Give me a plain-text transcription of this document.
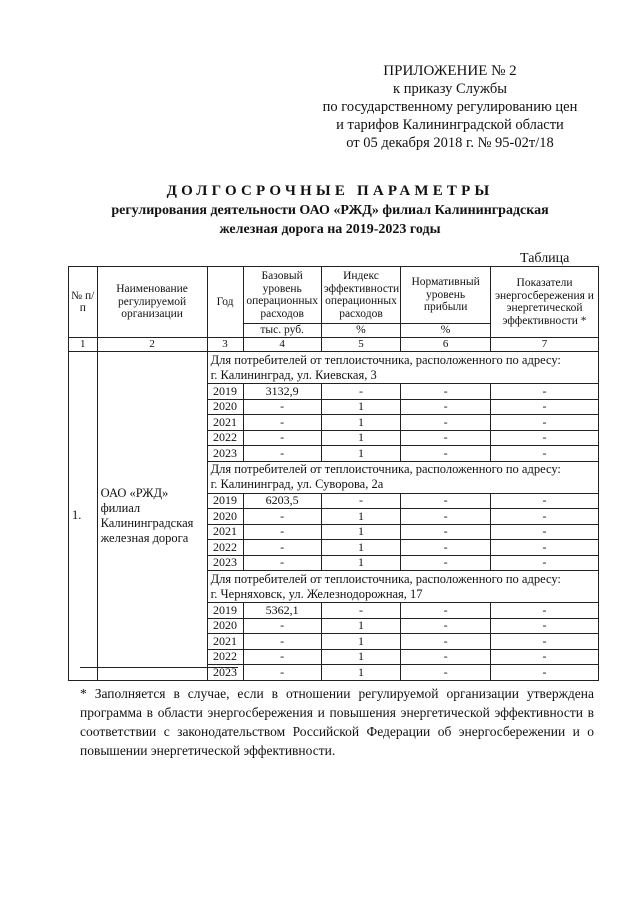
ПРИЛОЖЕНИЕ № 2
к приказу Службы
по государственному регулированию цен
и тарифов Калининградской области
от 05 декабря 2018 г. № 95-02т/18
ДОЛГОСРОЧНЫЕ ПАРАМЕТРЫ
регулирования деятельности ОАО «РЖД» филиал Калининградская
железная дорога на 2019-2023 годы
Таблица
№ п/п	Наименование регулируемой организации	Год	Базовый уровень операционных расходов	Индекс эффективности операционных расходов	Нормативный уровень прибыли	Показатели энергосбережения и энергетической эффективности *
			тыс. руб.	%	%	
1	2	3	4	5	6	7
1.	ОАО «РЖД» филиал Калининградская железная дорога	Для потребителей от теплоисточника, расположенного по адресу:
г. Калининград, ул. Киевская, 3				

		2019	3132,9	-	-	-
		2020	-	1	-	-
		2021	-	1	-	-
		2022	-	1	-	-
		2023	-	1	-	-

		Для потребителей от теплоисточника, расположенного по адресу:
г. Калининград, ул. Суворова, 2а				

		2019	6203,5	-	-	-
		2020	-	1	-	-
		2021	-	1	-	-
		2022	-	1	-	-
		2023	-	1	-	-

		Для потребителей от теплоисточника, расположенного по адресу:
г. Черняховск, ул. Железнодорожная, 17				

		2019	5362,1	-	-	-
		2020	-	1	-	-
		2021	-	1	-	-
		2022	-	1	-	-
		2023	-	1	-	-
* Заполняется в случае, если в отношении регулируемой организации утверждена программа в области энергосбережения и повышения энергетической эффективности в соответствии с законодательством Российской Федерации об энергосбережении и о повышении энергетической эффективности.
